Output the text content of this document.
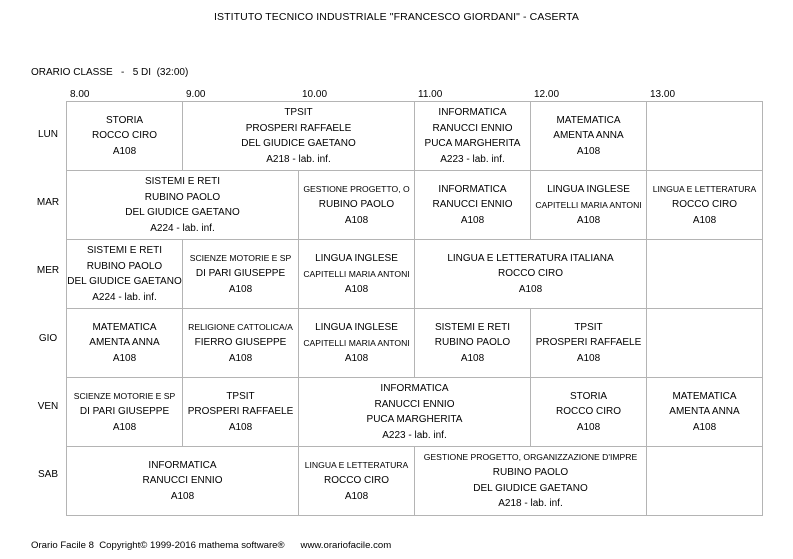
ISTITUTO TECNICO INDUSTRIALE "FRANCESCO GIORDANI" - CASERTA
ORARIO CLASSE   -   5 DI  (32:00)
8.00	9.00	10.00	11.00	12.00	13.00
LUN
MAR
MER
GIO
VEN
SAB
STORIA
ROCCO CIRO
A108	TPSIT
PROSPERI RAFFAELE
DEL GIUDICE GAETANO
A218 - lab. inf.		INFORMATICA
RANUCCI ENNIO
PUCA MARGHERITA
A223 - lab. inf.	MATEMATICA
AMENTA ANNA
A108	

SISTEMI E RETI
RUBINO PAOLO
DEL GIUDICE GAETANO
A224 - lab. inf.		GESTIONE PROGETTO, O
RUBINO PAOLO
A108	INFORMATICA
RANUCCI ENNIO
A108	LINGUA INGLESE
CAPITELLI MARIA ANTONI
A108	LINGUA E LETTERATURA
ROCCO CIRO
A108

SISTEMI E RETI
RUBINO PAOLO
DEL GIUDICE GAETANO
A224 - lab. inf.	SCIENZE MOTORIE E SP
DI PARI GIUSEPPE
A108	LINGUA INGLESE
CAPITELLI MARIA ANTONI
A108	LINGUA E LETTERATURA ITALIANA
ROCCO CIRO
A108		

MATEMATICA
AMENTA ANNA
A108	RELIGIONE CATTOLICA/A
FIERRO GIUSEPPE
A108	LINGUA INGLESE
CAPITELLI MARIA ANTONI
A108	SISTEMI E RETI
RUBINO PAOLO
A108	TPSIT
PROSPERI RAFFAELE
A108	

SCIENZE MOTORIE E SP
DI PARI GIUSEPPE
A108	TPSIT
PROSPERI RAFFAELE
A108	INFORMATICA
RANUCCI ENNIO
PUCA MARGHERITA
A223 - lab. inf.		STORIA
ROCCO CIRO
A108	MATEMATICA
AMENTA ANNA
A108

INFORMATICA
RANUCCI ENNIO
A108		LINGUA E LETTERATURA
ROCCO CIRO
A108	GESTIONE PROGETTO, ORGANIZZAZIONE D'IMPRE
RUBINO PAOLO
DEL GIUDICE GAETANO
A218 - lab. inf.		

Orario Facile 8  Copyright© 1999-2016 mathema software®      www.orariofacile.com
